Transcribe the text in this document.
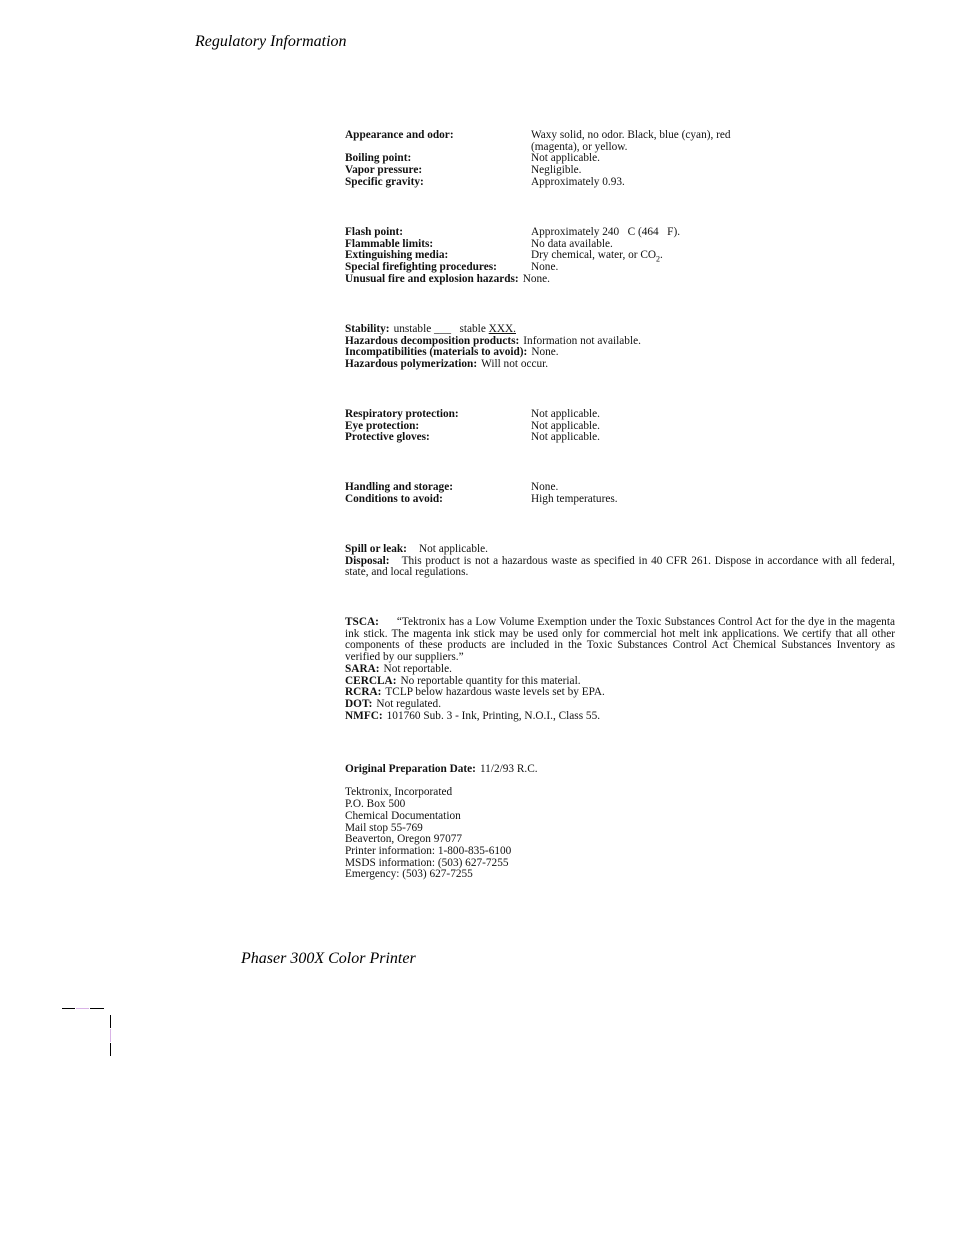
Regulatory Information
Appearance and odor:	Waxy solid, no odor. Black, blue (cyan), red
(magenta), or yellow.
Boiling point:	Not applicable.
Vapor pressure:	Negligible.
Specific gravity:	Approximately 0.93.
Flash point:	Approximately 240   C (464   F).
Flammable limits:	No data available.
Extinguishing media:	Dry chemical, water, or $CO_2$.
Special firefighting procedures:	None.
Unusual fire and explosion hazards: None.
Stability: unstable ___ stable XXX.
Hazardous decomposition products: Information not available.
Incompatibilities (materials to avoid): None.
Hazardous polymerization: Will not occur.
Respiratory protection:	Not applicable.
Eye protection:	Not applicable.
Protective gloves:	Not applicable.
Handling and storage:	None.
Conditions to avoid:	High temperatures.
Spill or leak: Not applicable.
Disposal: This product is not a hazardous waste as specified in 40 CFR 261. Dispose in accordance with all federal, state, and local regulations.
TSCA: “Tektronix has a Low Volume Exemption under the Toxic Substances Control Act for the dye in the magenta ink stick. The magenta ink stick may be used only for commercial hot melt ink applications. We certify that all other components of these products are included in the Toxic Substances Control Act Chemical Substances Inventory as verified by our suppliers.”
SARA: Not reportable.
CERCLA: No reportable quantity for this material.
RCRA: TCLP below hazardous waste levels set by EPA.
DOT: Not regulated.
NMFC: 101760 Sub. 3 - Ink, Printing, N.O.I., Class 55.
Original Preparation Date: 11/2/93 R.C.
Tektronix, Incorporated
P.O. Box 500
Chemical Documentation
Mail stop 55-769
Beaverton, Oregon 97077
Printer information: 1-800-835-6100
MSDS information: (503) 627-7255
Emergency: (503) 627-7255
Phaser 300X Color Printer
